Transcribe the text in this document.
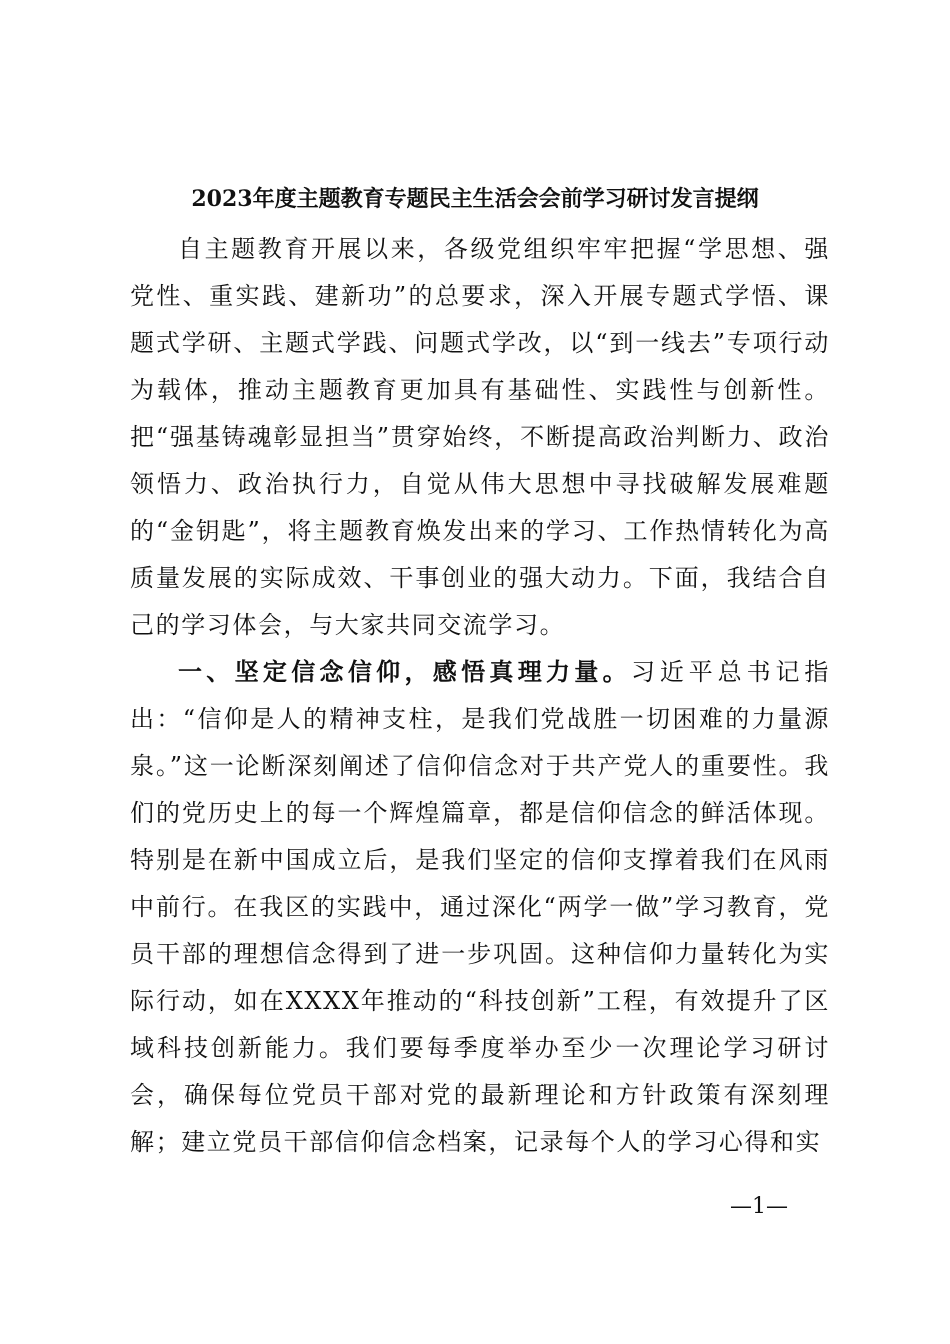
2023年度主题教育专题民主生活会会前学习研讨发言提纲

自主题教育开展以来，各级党组织牢牢把握“学思想、强党性、重实践、建新功”的总要求，深入开展专题式学悟、课题式学研、主题式学践、问题式学改，以“到一线去”专项行动为载体，推动主题教育更加具有基础性、实践性与创新性。把“强基铸魂彰显担当”贯穿始终，不断提高政治判断力、政治领悟力、政治执行力，自觉从伟大思想中寻找破解发展难题的“金钥匙”，将主题教育焕发出来的学习、工作热情转化为高质量发展的实际成效、干事创业的强大动力。下面，我结合自己的学习体会，与大家共同交流学习。

一、坚定信念信仰，感悟真理力量。习近平总书记指出：“信仰是人的精神支柱，是我们党战胜一切困难的力量源泉。”这一论断深刻阐述了信仰信念对于共产党人的重要性。我们的党历史上的每一个辉煌篇章，都是信仰信念的鲜活体现。特别是在新中国成立后，是我们坚定的信仰支撑着我们在风雨中前行。在我区的实践中，通过深化“两学一做”学习教育，党员干部的理想信念得到了进一步巩固。这种信仰力量转化为实际行动，如在XXXX年推动的“科技创新”工程，有效提升了区域科技创新能力。我们要每季度举办至少一次理论学习研讨会，确保每位党员干部对党的最新理论和方针政策有深刻理解；建立党员干部信仰信念档案，记录每个人的学习心得和实

—1—
